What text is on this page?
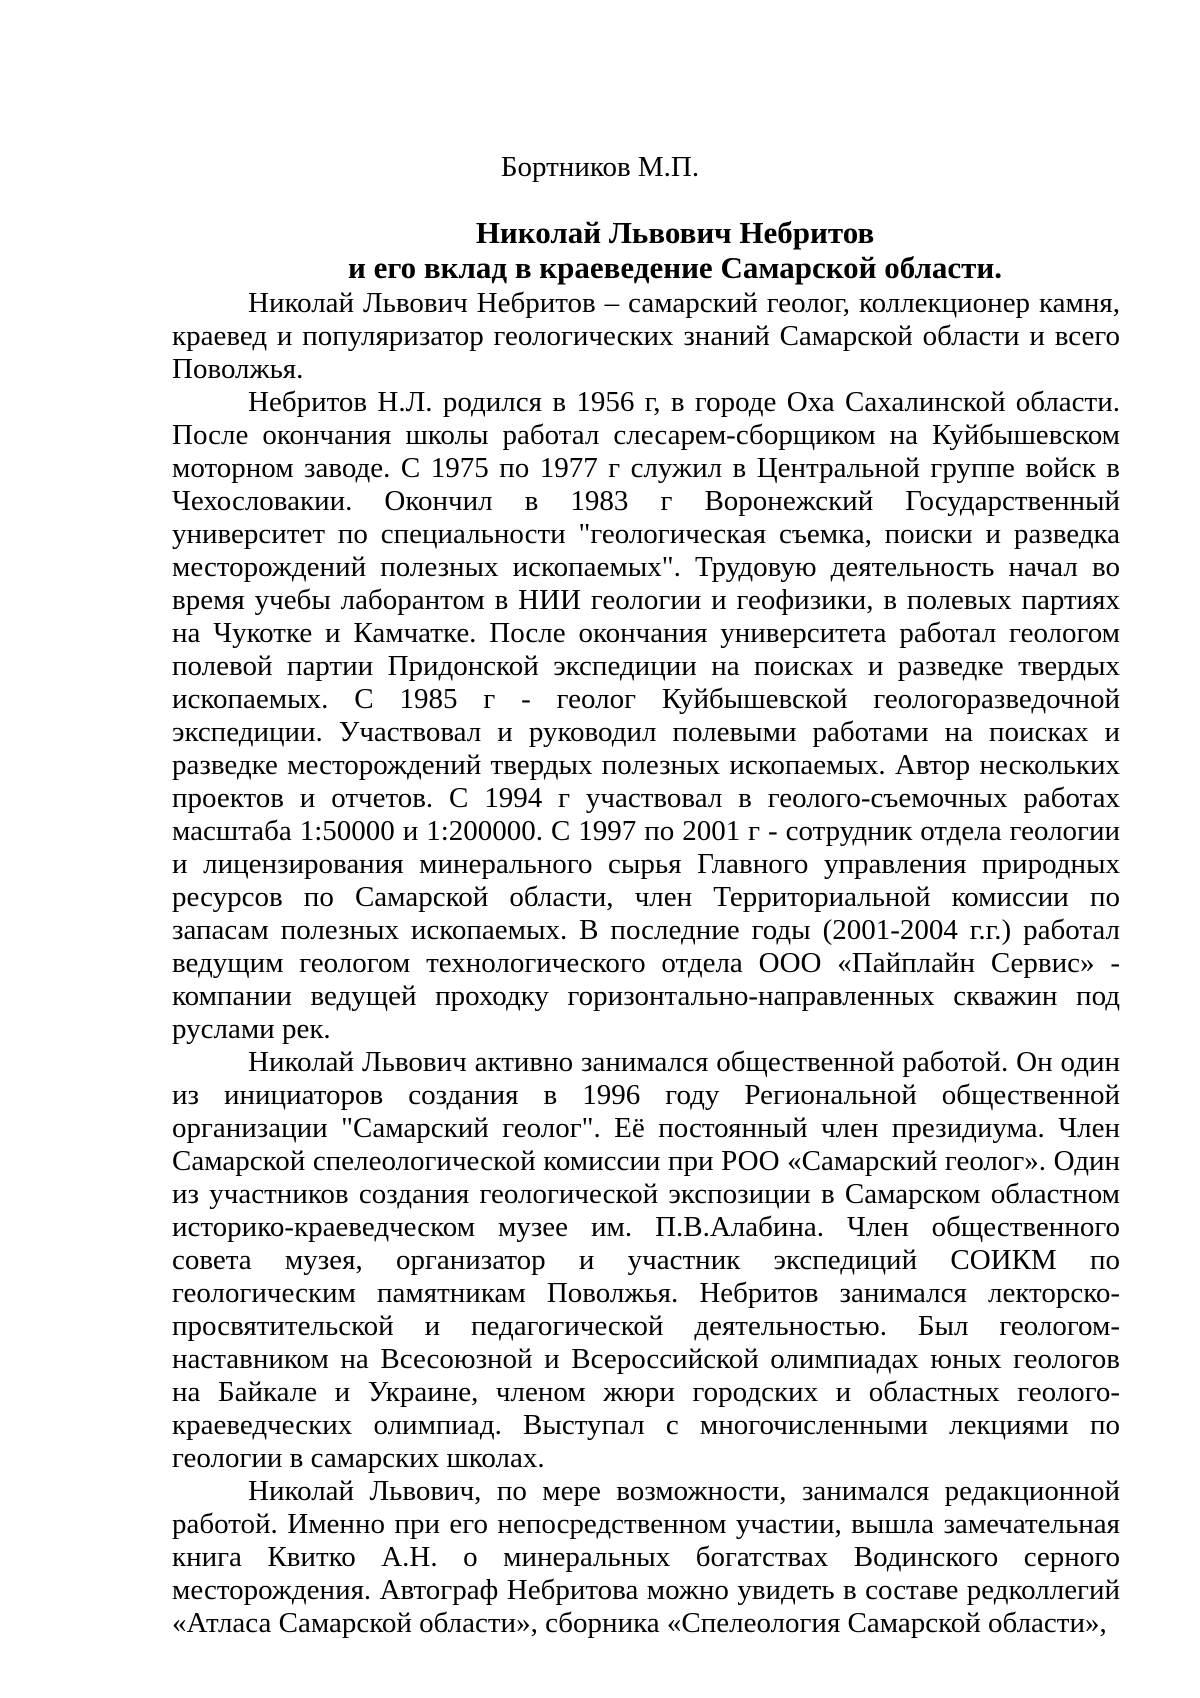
Бортников М.П.
Николай Львович Небритов
и его вклад в краеведение Самарской области.

Николай Львович Небритов – самарский геолог, коллекционер камня, краевед и популяризатор геологических знаний Самарской области и всего Поволжья.

Небритов Н.Л. родился в 1956 г, в городе Оха Сахалинской области. После окончания школы работал слесарем-сборщиком на Куйбышевском моторном заводе. С 1975 по 1977 г служил в Центральной группе войск в Чехословакии. Окончил в 1983 г Воронежский Государственный университет по специальности "геологическая съемка, поиски и разведка месторождений полезных ископаемых". Трудовую деятельность начал во время учебы лаборантом в НИИ геологии и геофизики, в полевых партиях на Чукотке и Камчатке. После окончания университета работал геологом полевой партии Придонской экспедиции на поисках и разведке твердых ископаемых. С 1985 г - геолог Куйбышевской геологоразведочной экспедиции. Участвовал и руководил полевыми работами на поисках и разведке месторождений твердых полезных ископаемых. Автор нескольких проектов и отчетов. С 1994 г участвовал в геолого-съемочных работах масштаба 1:50000 и 1:200000. С 1997 по 2001 г - сотрудник отдела геологии и лицензирования минерального сырья Главного управления природных ресурсов по Самарской области, член Территориальной комиссии по запасам полезных ископаемых. В последние годы (2001-2004 г.г.) работал ведущим геологом технологического отдела ООО «Пайплайн Сервис» - компании ведущей проходку горизонтально-направленных скважин под руслами рек.

Николай Львович активно занимался общественной работой. Он один из инициаторов создания в 1996 году Региональной общественной организации "Самарский геолог". Её постоянный член президиума. Член Самарской спелеологической комиссии при РОО «Самарский геолог». Один из участников создания геологической экспозиции в Самарском областном историко-краеведческом музее им. П.В.Алабина. Член общественного совета музея, организатор и участник экспедиций СОИКМ по геологическим памятникам Поволжья. Небритов занимался лекторско-просвятительской и педагогической деятельностью. Был геологом-наставником на Всесоюзной и Всероссийской олимпиадах юных геологов на Байкале и Украине, членом жюри городских и областных геолого-краеведческих олимпиад. Выступал с многочисленными лекциями по геологии в самарских школах.

Николай Львович, по мере возможности, занимался редакционной работой. Именно при его непосредственном участии, вышла замечательная книга Квитко А.Н. о минеральных богатствах Водинского серного месторождения. Автограф Небритова можно увидеть в составе редколлегий «Атласа Самарской области», сборника «Спелеология Самарской области»,
